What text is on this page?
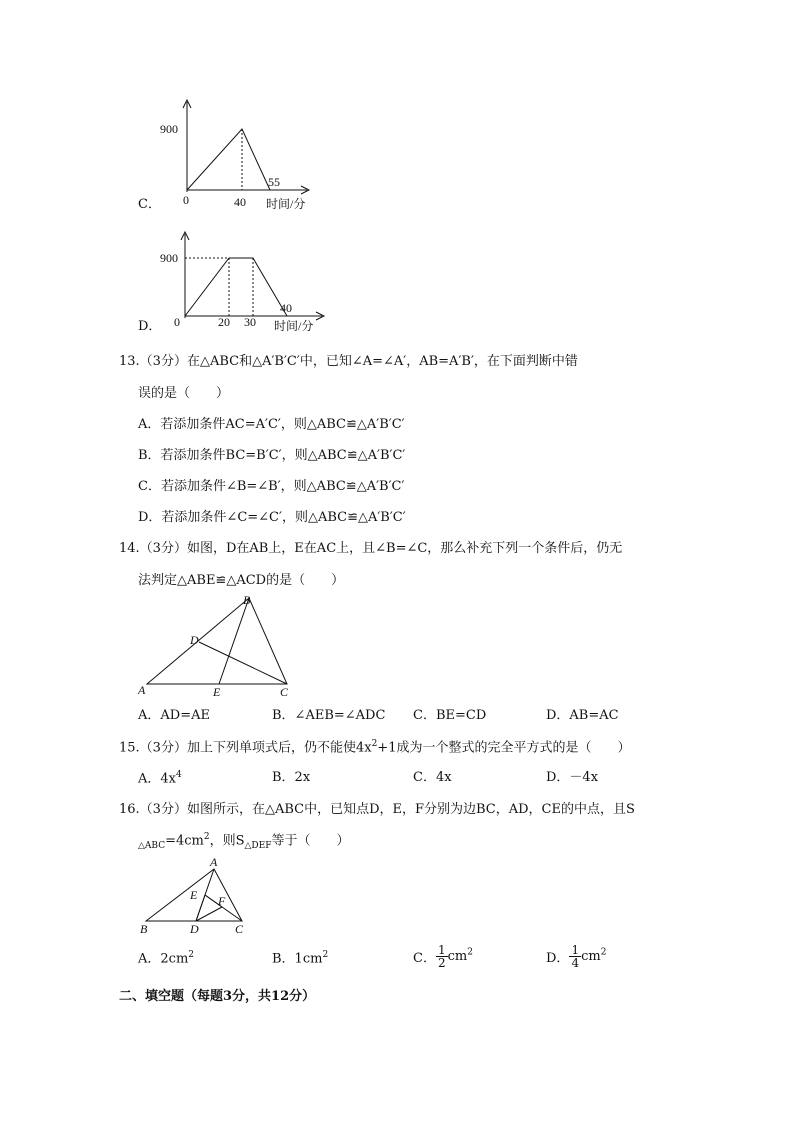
C．
900
0	40
55
时间/分
D．
900
0	20 30
40
时间/分
13.（3分）在△ABC和△A′B′C′中，已知∠A=∠A′，AB=A′B′，在下面判断中错
误的是（　　）
A．若添加条件AC=A′C′，则△ABC≌△A′B′C′
B．若添加条件BC=B′C′，则△ABC≌△A′B′C′
C．若添加条件∠B=∠B′，则△ABC≌△A′B′C′
D．若添加条件∠C=∠C′，则△ABC≌△A′B′C′
14.（3分）如图，D在AB上，E在AC上，且∠B=∠C，那么补充下列一个条件后，仍无
法判定△ABE≌△ACD的是（　　）
B
D
A	E	C
A．AD=AE	B．∠AEB=∠ADC C．BE=CD	D．AB=AC
15.（3分）加上下列单项式后，仍不能使$4x^2+1$成为一个整式的完全平方式的是（　　）
A．$4x^4$	B．2x	C．4x	D．－4x
16.（3分）如图所示，在△ABC中，已知点D，E，F分别为边BC，AD，CE的中点，且S
$_{\triangle ABC}=4cm^2$，则$S_{\triangle DEF}$等于（　　）
A
E F
B	D	C
A．$2cm^2$	B．$1cm^2$	C． $\frac{1}{2} cm^2$	D． $\frac{1}{4} cm^2$
二、填空题（每题3分，共12分）
